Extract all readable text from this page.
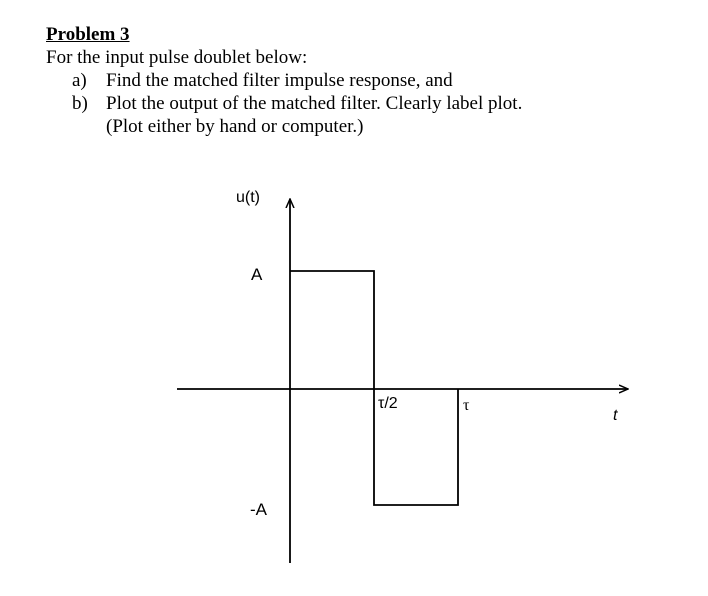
Problem 3
For the input pulse doublet below:
a) Find the matched filter impulse response, and
b) Plot the output of the matched filter. Clearly label plot.
(Plot either by hand or computer.)
u(t)
A
-A
τ/2	τ
t
